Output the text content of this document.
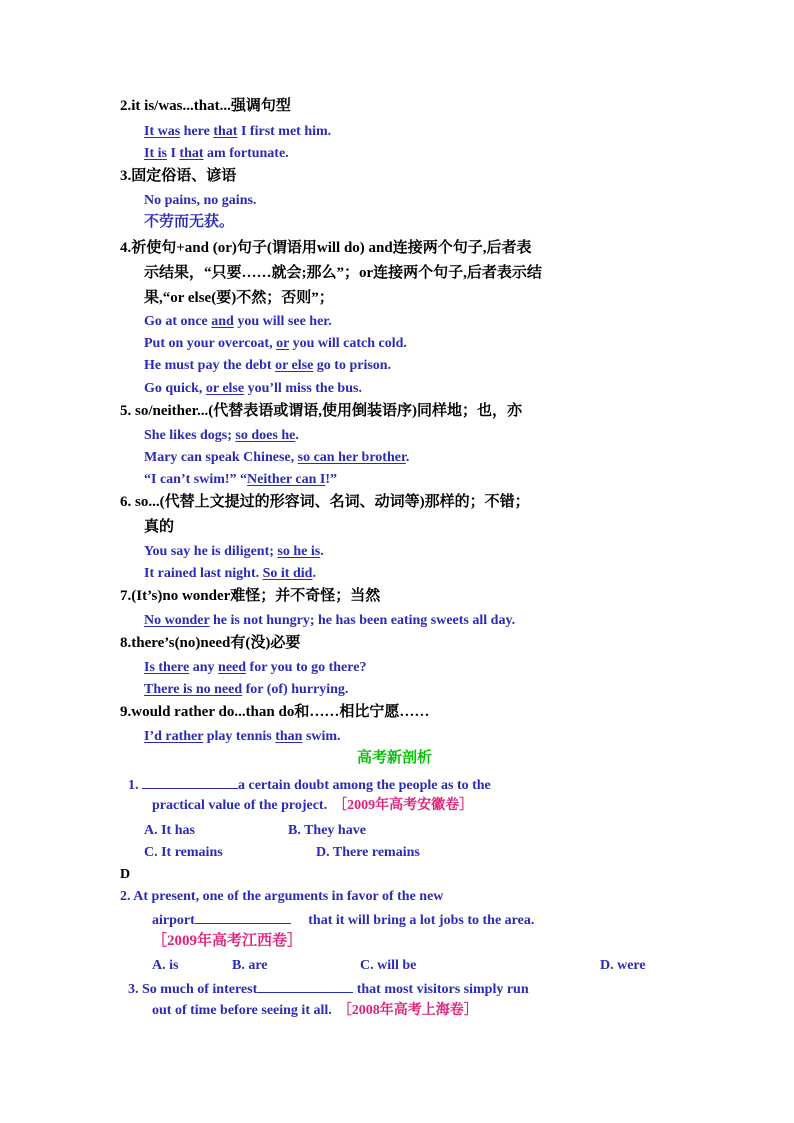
2.it is/was...that...强调句型
It was here that I first met him.
It is I that am fortunate.
3.固定俗语、谚语
No pains, no gains.
不劳而无获。
4.祈使句+and (or)句子(谓语用will do) and连接两个句子,后者表
示结果，“只要……就会;那么”；or连接两个句子,后者表示结
果,“or else(要)不然；否则”；
Go at once and you will see her.
Put on your overcoat, or you will catch cold.
He must pay the debt or else go to prison.
Go quick, or else you’ll miss the bus.
5. so/neither...(代替表语或谓语,使用倒装语序)同样地；也，亦
She likes dogs; so does he.
Mary can speak Chinese, so can her brother.
“I can’t swim!” “Neither can I!”
6. so...(代替上文提过的形容词、名词、动词等)那样的；不错；
真的
You say he is diligent; so he is.
It rained last night. So it did.
7.(It’s)no wonder难怪；并不奇怪；当然
No wonder he is not hungry; he has been eating sweets all day.
8.there’s(no)need有(没)必要
Is there any need for you to go there?
There is no need for (of) hurrying.
9.would rather do...than do和……相比宁愿……
I’d rather play tennis than swim.
高考新剖析
1.	a certain doubt among the people as to the
practical value of the project. ［2009年高考安徽卷］
A. It has	B. They have
C. It remains	D. There remains
D
2. At present, one of the arguments in favor of the new
airport	that it will bring a lot jobs to the area.
［2009年高考江西卷］
A. is	B. are	C. will be	D. were
3. So much of interest	that most visitors simply run
out of time before seeing it all. ［2008年高考上海卷］
